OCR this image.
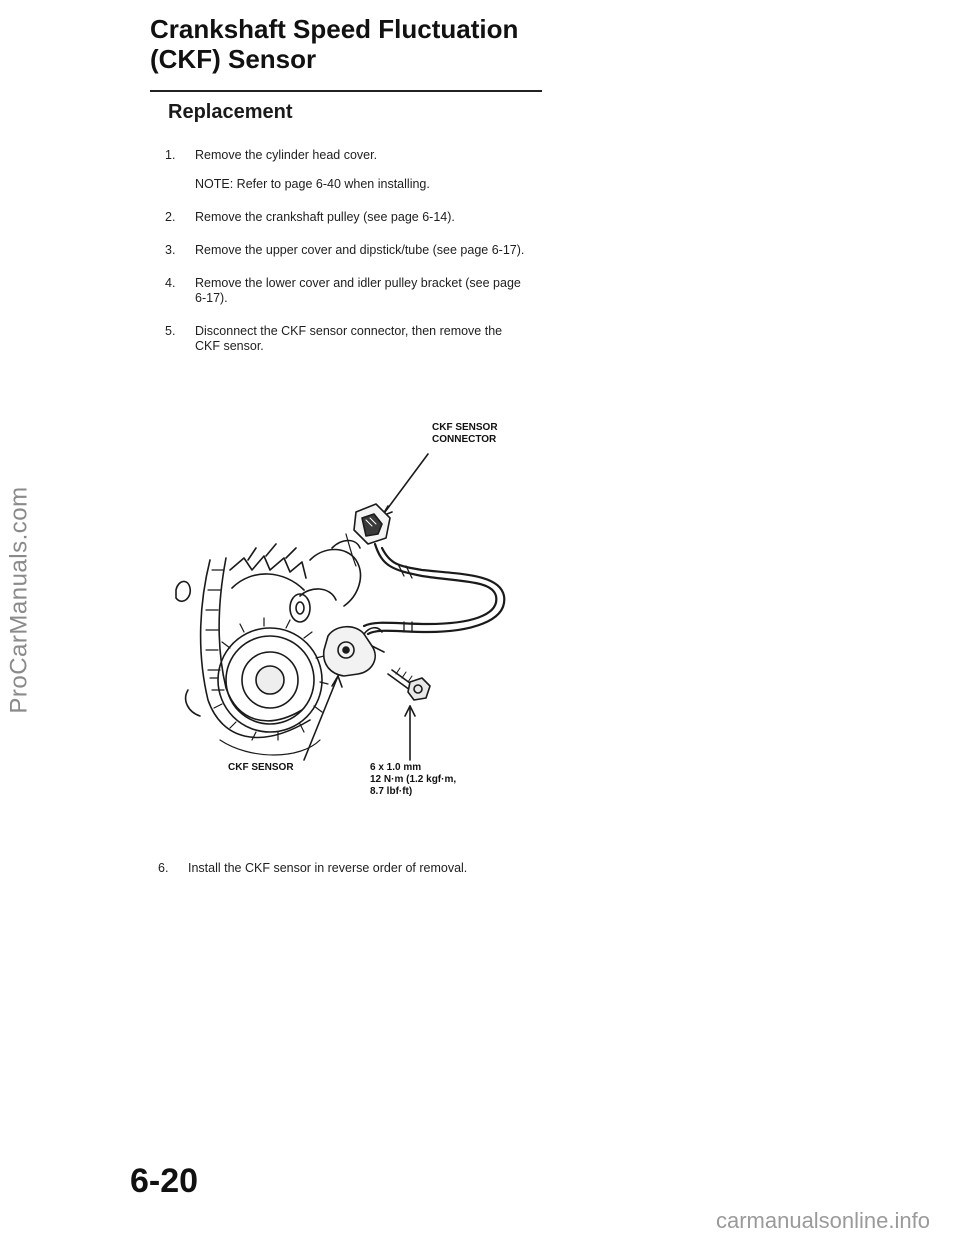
ProCarManuals.com
Crankshaft Speed Fluctuation
(CKF) Sensor
Replacement
1.	Remove the cylinder head cover.
NOTE: Refer to page 6-40 when installing.
2.	Remove the crankshaft pulley (see page 6-14).
3.	Remove the upper cover and dipstick/tube (see page 6-17).
4.	Remove the lower cover and idler pulley bracket (see page 6-17).
5.	Disconnect the CKF sensor connector, then remove the CKF sensor.
CKF SENSOR
CONNECTOR
CKF SENSOR	6 x 1.0 mm
12 N·m (1.2 kgf·m,
8.7 lbf·ft)
6.	Install the CKF sensor in reverse order of removal.
6-20
carmanualsonline.info
